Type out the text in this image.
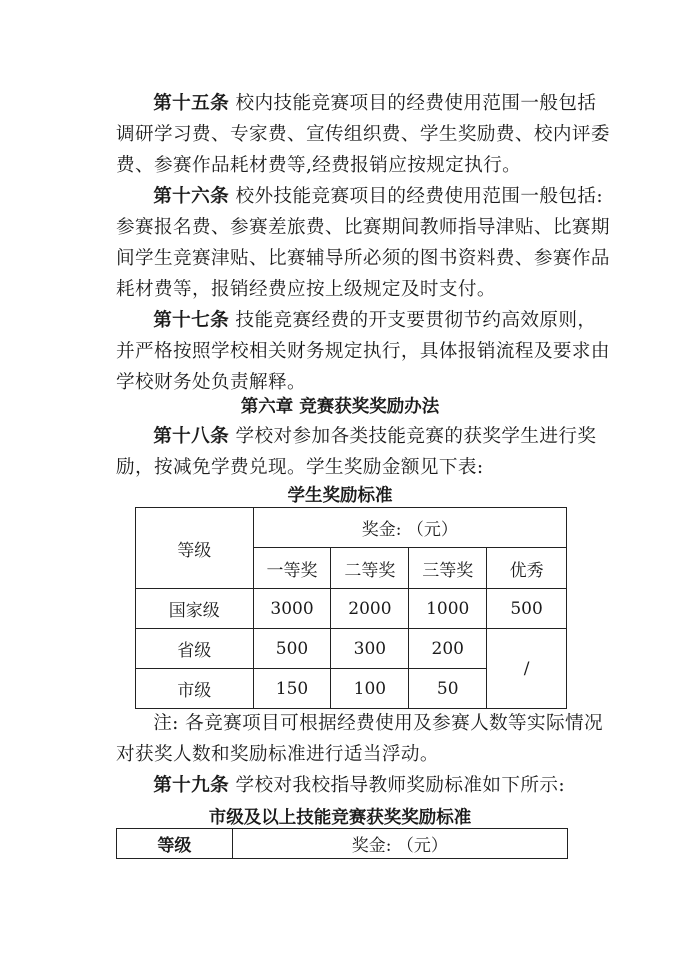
第十五条 校内技能竞赛项目的经费使用范围一般包括调研学习费、专家费、宣传组织费、学生奖励费、校内评委费、参赛作品耗材费等,经费报销应按规定执行。

第十六条 校外技能竞赛项目的经费使用范围一般包括:参赛报名费、参赛差旅费、比赛期间教师指导津贴、比赛期间学生竞赛津贴、比赛辅导所必须的图书资料费、参赛作品耗材费等，报销经费应按上级规定及时支付。

第十七条 技能竞赛经费的开支要贯彻节约高效原则，并严格按照学校相关财务规定执行，具体报销流程及要求由学校财务处负责解释。

第六章 竞赛获奖奖励办法

第十八条 学校对参加各类技能竞赛的获奖学生进行奖励，按减免学费兑现。学生奖励金额见下表:

学生奖励标准

等级	奖金: （元）			
	一等奖	二等奖	三等奖	优秀
国家级	3000	2000	1000	500
省级	500	300	200	/
市级	150	100	50	

注: 各竞赛项目可根据经费使用及参赛人数等实际情况对获奖人数和奖励标准进行适当浮动。

第十九条 学校对我校指导教师奖励标准如下所示:

市级及以上技能竞赛获奖奖励标准

等级	奖金: （元）
